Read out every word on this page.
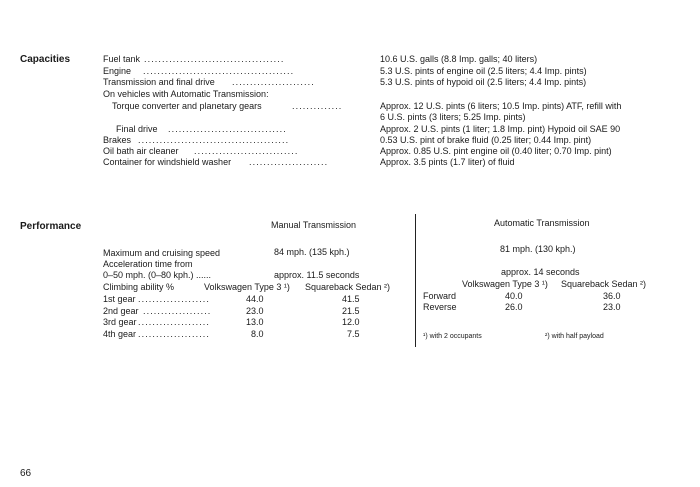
Capacities	Fuel tank .......................................	10.6 U.S. galls (8.8 Imp. galls; 40 liters)
Engine ..........................................	5.3 U.S. pints of engine oil (2.5 liters; 4.4 Imp. pints)
Transmission and final drive .......................	5.3 U.S. pints of hypoid oil (2.5 liters; 4.4 Imp. pints)
On vehicles with Automatic Transmission:
Torque converter and planetary gears	..............	Approx. 12 U.S. pints (6 liters; 10.5 Imp. pints) ATF, refill with
6 U.S. pints (3 liters; 5.25 Imp. pints)
Final drive .................................	Approx. 2 U.S. pints (1 liter; 1.8 Imp. pint) Hypoid oil SAE 90
Brakes ..........................................	0.53 U.S. pint of brake fluid (0.25 liter; 0.44 Imp. pint)
Oil bath air cleaner .............................	Approx. 0.85 U.S. pint engine oil (0.40 liter; 0.70 Imp. pint)
Container for windshield washer ......................	Approx. 3.5 pints (1.7 liter) of fluid
Performance	Manual Transmission	Automatic Transmission
Maximum and cruising speed	84 mph. (135 kph.)	81 mph. (130 kph.)
Acceleration time from
0–50 mph. (0–80 kph.) ......	approx. 11.5 seconds	approx. 14 seconds
Climbing ability %	Volkswagen Type 3 ¹) Squareback Sedan ²)	Volkswagen Type 3 ¹) Squareback Sedan ²)
1st gear ....................	44.0	41.5
2nd gear ...................	23.0	21.5
3rd gear ....................	13.0	12.0
4th gear ....................	8.0	7.5
Forward	40.0	36.0
Reverse	26.0	23.0
¹) with 2 occupants	²) with half payload
66
